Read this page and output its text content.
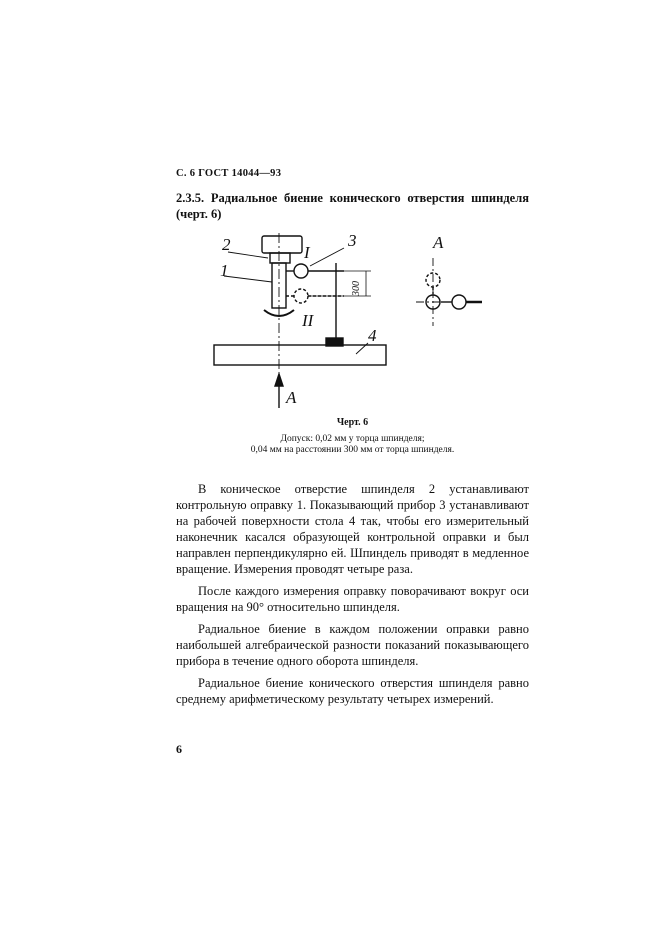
С. 6 ГОСТ 14044—93
2.3.5. Радиальное биение конического отверстия шпинделя
(черт. 6)
2
1
3
I
II
4
А
А
300
Черт. 6
Допуск: 0,02 мм у торца шпинделя;
0,04 мм на расстоянии 300 мм от торца шпинделя.

В коническое отверстие шпинделя 2 устанавливают контрольную оправку 1. Показывающий прибор 3 устанавливают на рабочей поверхности стола 4 так, чтобы его измерительный наконечник касался образующей контрольной оправки и был направлен перпендикулярно ей. Шпиндель приводят в медленное вращение. Измерения проводят четыре раза.

После каждого измерения оправку поворачивают вокруг оси вращения на 90° относительно шпинделя.

Радиальное биение в каждом положении оправки равно наибольшей алгебраической разности показаний показывающего прибора в течение одного оборота шпинделя.

Радиальное биение конического отверстия шпинделя равно среднему арифметическому результату четырех измерений.

6
